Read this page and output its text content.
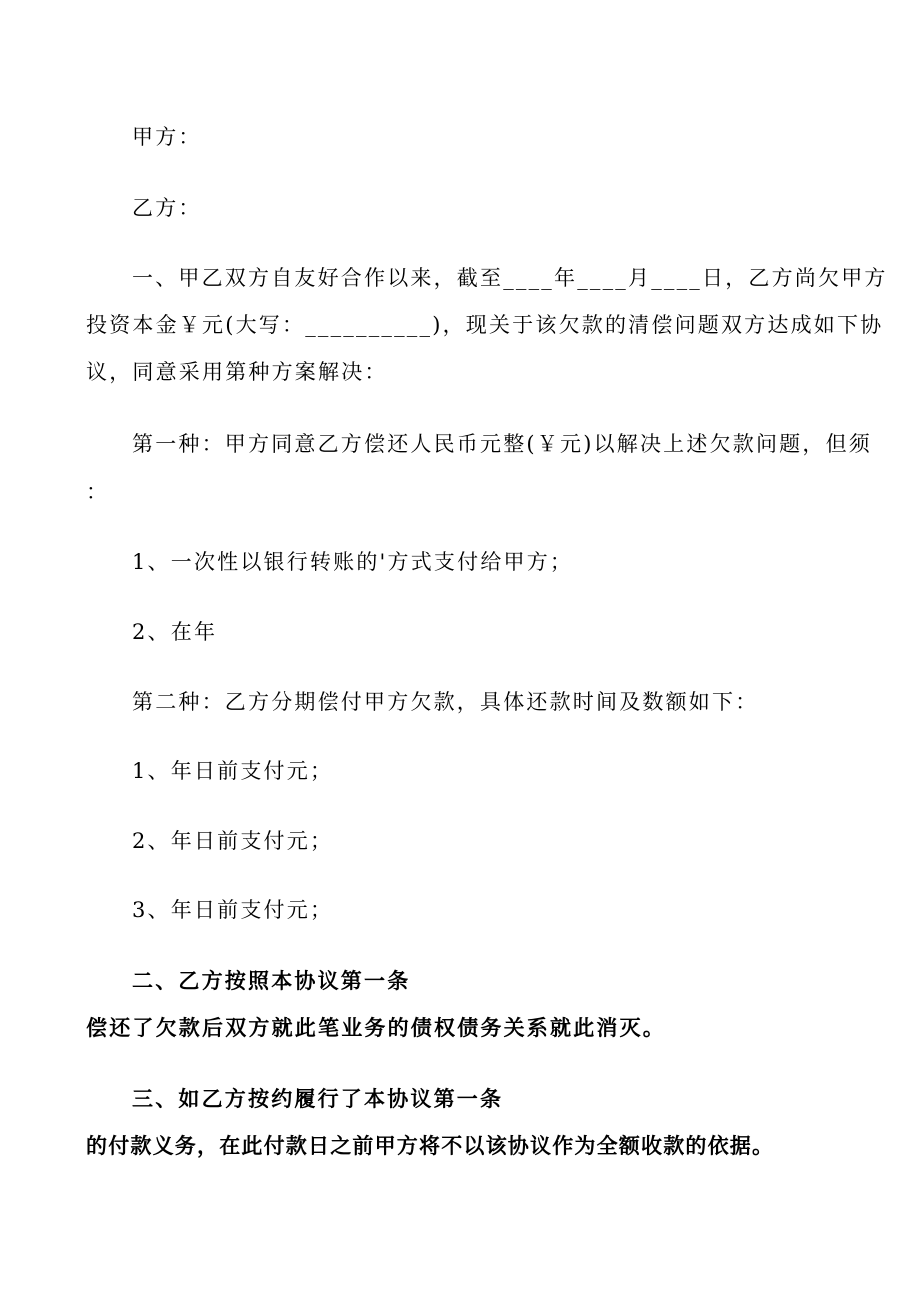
甲方：
乙方：
一、甲乙双方自友好合作以来，截至____年____月____日，乙方尚欠甲方
投资本金￥元(大写：__________)，现关于该欠款的清偿问题双方达成如下协
议，同意采用第种方案解决：
第一种：甲方同意乙方偿还人民币元整(￥元)以解决上述欠款问题，但须
：
1、一次性以银行转账的'方式支付给甲方；
2、在年
第二种：乙方分期偿付甲方欠款，具体还款时间及数额如下：
1、年日前支付元；
2、年日前支付元；
3、年日前支付元；
二、乙方按照本协议第一条
偿还了欠款后双方就此笔业务的债权债务关系就此消灭。
三、如乙方按约履行了本协议第一条
的付款义务，在此付款日之前甲方将不以该协议作为全额收款的依据。
